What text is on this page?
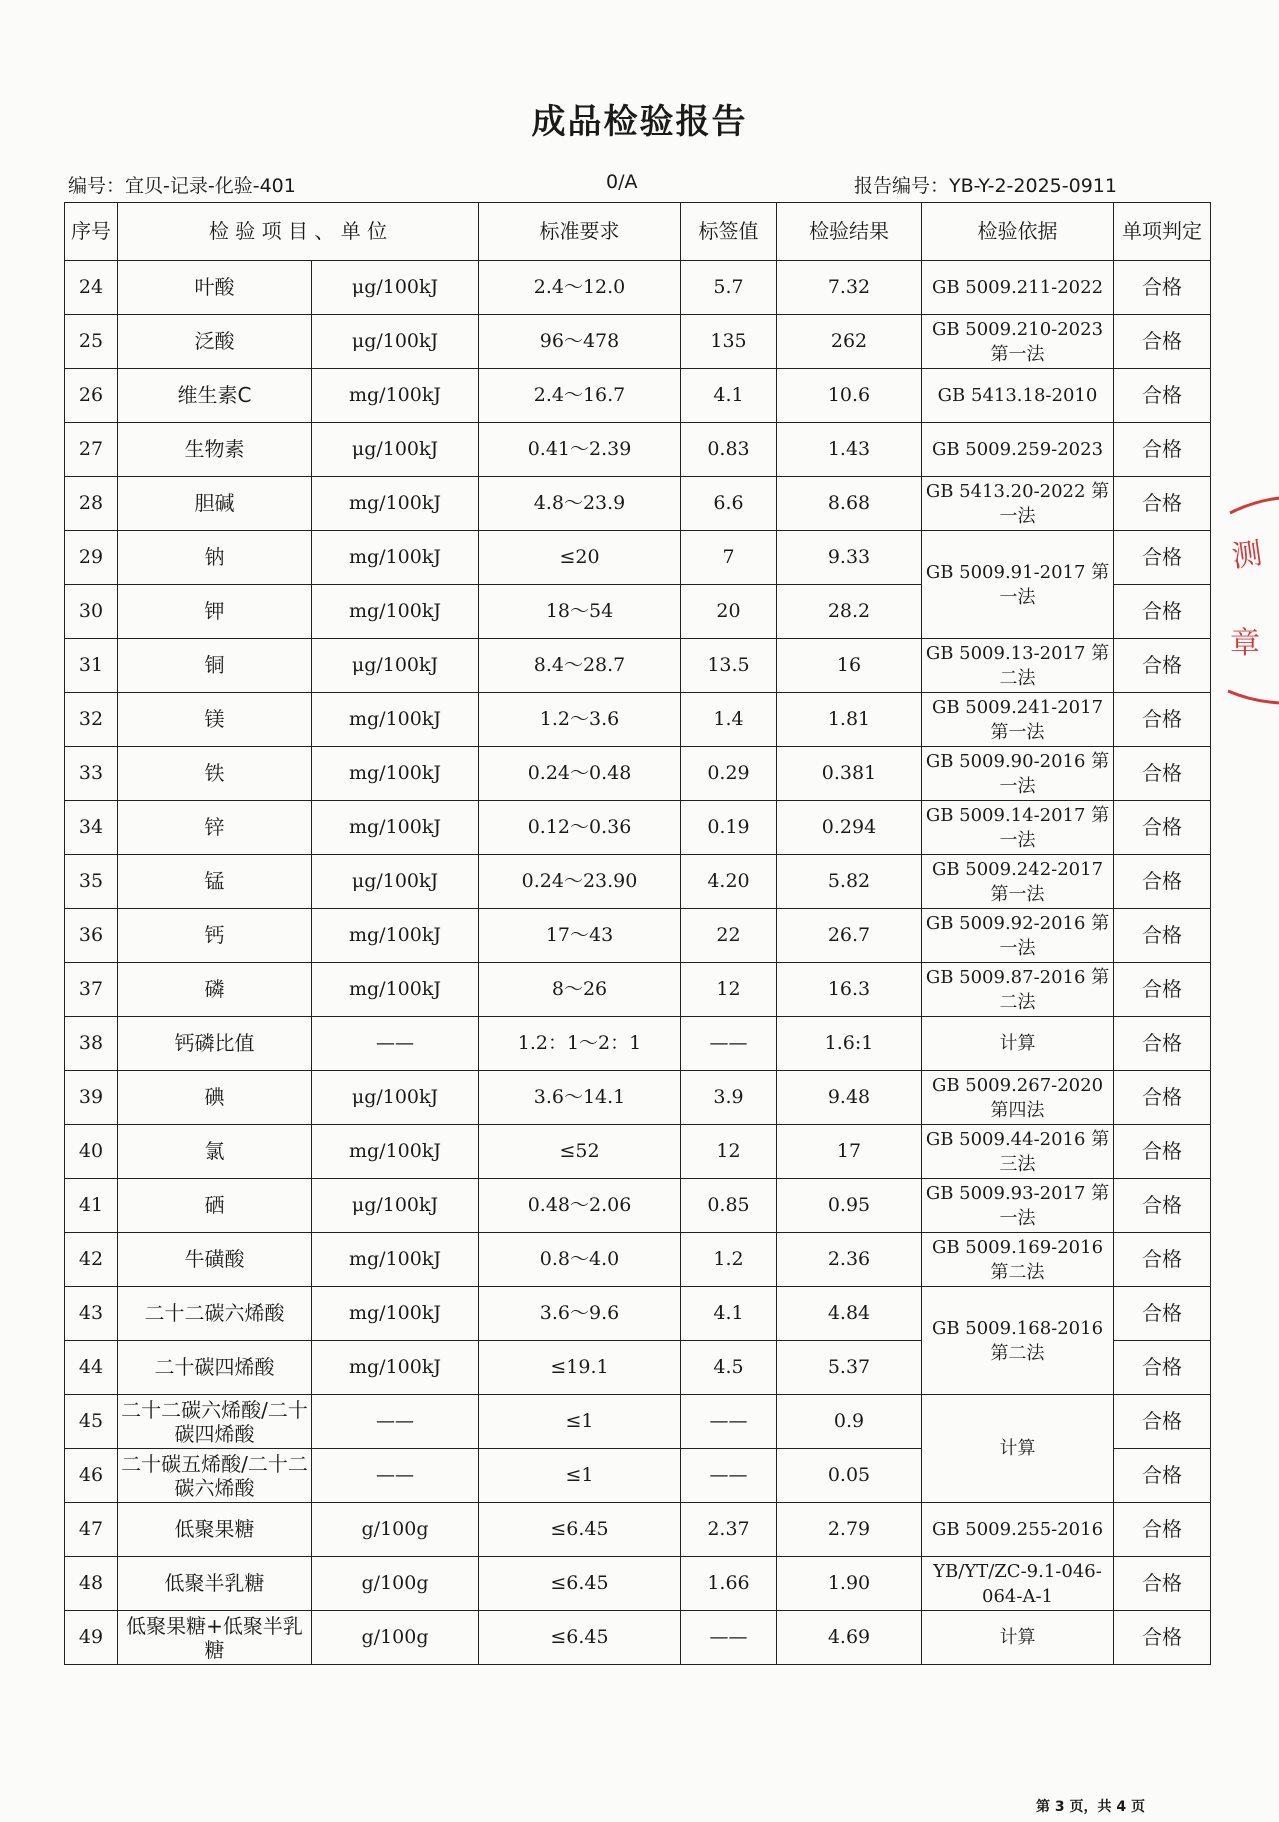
成品检验报告
编号：宜贝-记录-化验-401	0/A	报告编号：YB-Y-2-2025-0911
序号	检 验 项 目 、 单 位		标准要求	标签值	检验结果	检验依据	单项判定
24	叶酸	μg/100kJ	2.4～12.0	5.7	7.32	GB 5009.211-2022	合格
25	泛酸	μg/100kJ	96～478	135	262	GB 5009.210-2023 第一法	合格
26	维生素C	mg/100kJ	2.4～16.7	4.1	10.6	GB 5413.18-2010	合格
27	生物素	μg/100kJ	0.41～2.39	0.83	1.43	GB 5009.259-2023	合格
28	胆碱	mg/100kJ	4.8～23.9	6.6	8.68	GB 5413.20-2022 第一法	合格
29	钠	mg/100kJ	≤20	7	9.33	GB 5009.91-2017 第一法	合格
30	钾	mg/100kJ	18～54	20	28.2		合格
31	铜	μg/100kJ	8.4～28.7	13.5	16	GB 5009.13-2017 第二法	合格
32	镁	mg/100kJ	1.2～3.6	1.4	1.81	GB 5009.241-2017 第一法	合格
33	铁	mg/100kJ	0.24～0.48	0.29	0.381	GB 5009.90-2016 第一法	合格
34	锌	mg/100kJ	0.12～0.36	0.19	0.294	GB 5009.14-2017 第一法	合格
35	锰	μg/100kJ	0.24～23.90	4.20	5.82	GB 5009.242-2017 第一法	合格
36	钙	mg/100kJ	17～43	22	26.7	GB 5009.92-2016 第一法	合格
37	磷	mg/100kJ	8～26	12	16.3	GB 5009.87-2016 第二法	合格
38	钙磷比值	——	1.2：1～2：1	——	1.6:1	计算	合格
39	碘	μg/100kJ	3.6～14.1	3.9	9.48	GB 5009.267-2020 第四法	合格
40	氯	mg/100kJ	≤52	12	17	GB 5009.44-2016 第三法	合格
41	硒	μg/100kJ	0.48～2.06	0.85	0.95	GB 5009.93-2017 第一法	合格
42	牛磺酸	mg/100kJ	0.8～4.0	1.2	2.36	GB 5009.169-2016 第二法	合格
43	二十二碳六烯酸	mg/100kJ	3.6～9.6	4.1	4.84	GB 5009.168-2016 第二法	合格
44	二十碳四烯酸	mg/100kJ	≤19.1	4.5	5.37		合格
45	二十二碳六烯酸/二十碳四烯酸	——	≤1	——	0.9	计算	合格
46	二十碳五烯酸/二十二碳六烯酸	——	≤1	——	0.05		合格
47	低聚果糖	g/100g	≤6.45	2.37	2.79	GB 5009.255-2016	合格
48	低聚半乳糖	g/100g	≤6.45	1.66	1.90	YB/YT/ZC-9.1-046-064-A-1	合格
49	低聚果糖+低聚半乳糖	g/100g	≤6.45	——	4.69	计算	合格
测
章
第 3 页，共 4 页
